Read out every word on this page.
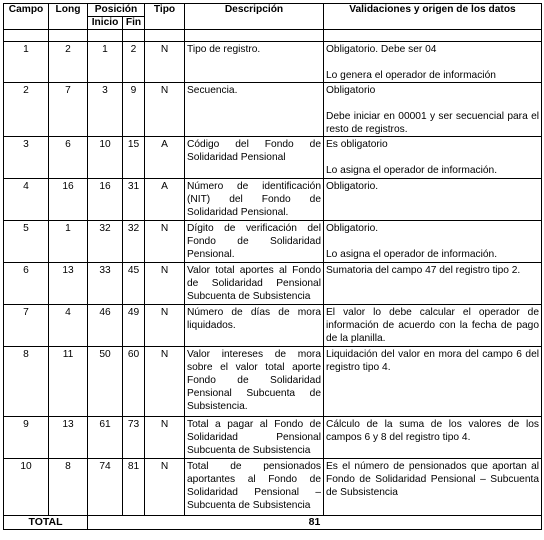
Campo	Long	Posición		Tipo	Descripción	Validaciones y origen de los datos
		Inicio	Fin			

1	2	1	2	N	Tipo de registro.	Obligatorio. Debe ser 04
Lo genera el operador de información

2	7	3	9	N	Secuencia.	Obligatorio
Debe iniciar en 00001 y ser secuencial para el resto de registros.

3	6	10	15	A	Código del Fondo de Solidaridad Pensional	Es obligatorio
Lo asigna el operador de información.

4	16	16	31	A	Número de identificación (NIT) del Fondo de Solidaridad Pensional.	Obligatorio.

5	1	32	32	N	Dígito de verificación del Fondo de Solidaridad Pensional.	Obligatorio.
Lo asigna el operador de información.

6	13	33	45	N	Valor total aportes al Fondo de Solidaridad Pensional Subcuenta de Subsistencia	Sumatoria del campo 47 del registro tipo 2.

7	4	46	49	N	Número de días de mora liquidados.	El valor lo debe calcular el operador de información de acuerdo con la fecha de pago de la planilla.

8	11	50	60	N	Valor intereses de mora sobre el valor total aporte Fondo de Solidaridad Pensional Subcuenta de Subsistencia.	Liquidación del valor en mora del campo 6 del registro tipo 4.

9	13	61	73	N	Total a pagar al Fondo de Solidaridad Pensional Subcuenta de Subsistencia	Cálculo de la suma de los valores de los campos 6 y 8 del registro tipo 4.

10	8	74	81	N	Total de pensionados aportantes al Fondo de Solidaridad Pensional – Subcuenta de Subsistencia	Es el número de pensionados que aportan al Fondo de Solidaridad Pensional – Subcuenta de Subsistencia

TOTAL		81				
